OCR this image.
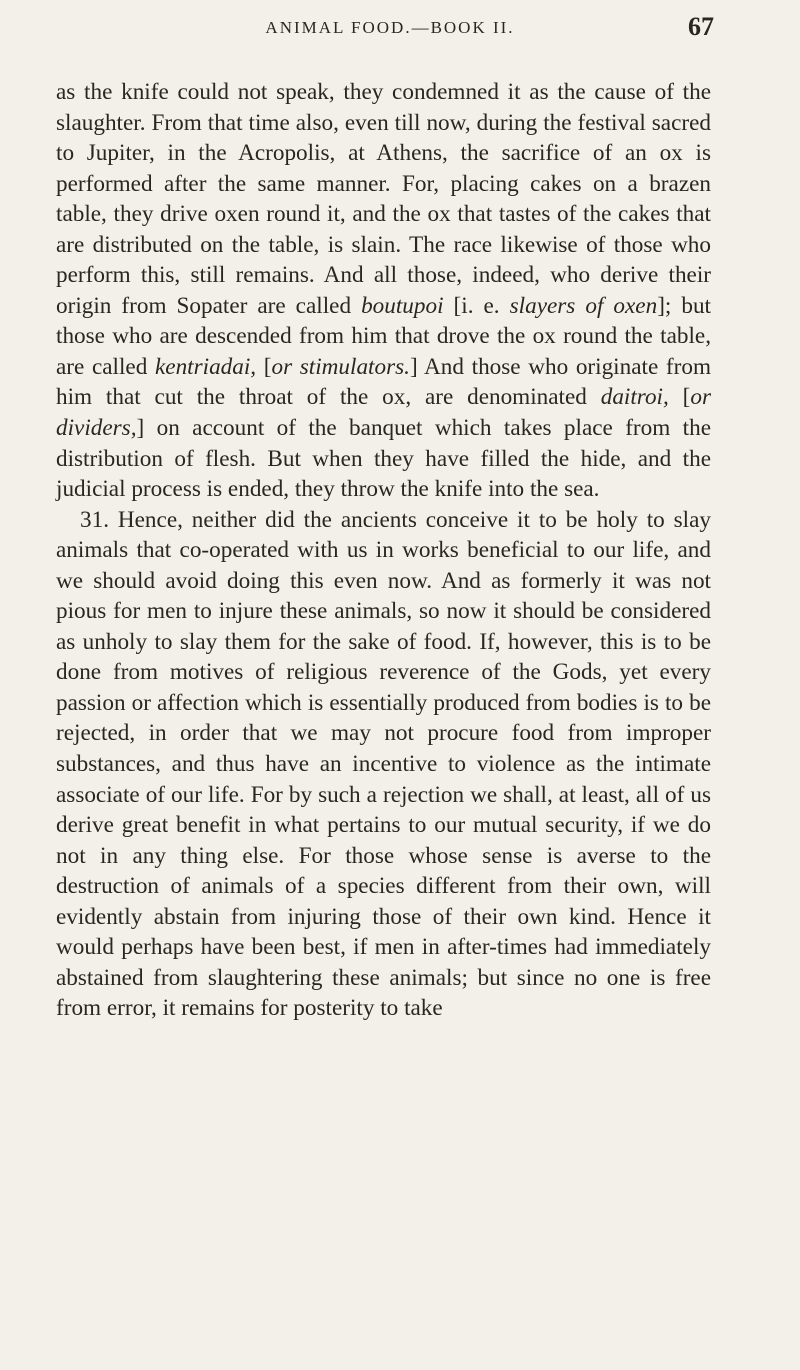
ANIMAL FOOD.—BOOK II.	67

as the knife could not speak, they condemned it as the cause of the slaughter. From that time also, even till now, during the festival sacred to Jupiter, in the Acropolis, at Athens, the sacrifice of an ox is performed after the same manner. For, placing cakes on a brazen table, they drive oxen round it, and the ox that tastes of the cakes that are distributed on the table, is slain. The race likewise of those who perform this, still remains. And all those, indeed, who derive their origin from Sopater are called boutupoi [i. e. slayers of oxen]; but those who are descended from him that drove the ox round the table, are called kentriadai, [or stimulators.] And those who originate from him that cut the throat of the ox, are denominated daitroi, [or dividers,] on account of the banquet which takes place from the distribution of flesh. But when they have filled the hide, and the judicial process is ended, they throw the knife into the sea.

31. Hence, neither did the ancients conceive it to be holy to slay animals that co-operated with us in works beneficial to our life, and we should avoid doing this even now. And as formerly it was not pious for men to injure these animals, so now it should be considered as unholy to slay them for the sake of food. If, however, this is to be done from motives of religious reverence of the Gods, yet every passion or affection which is essentially produced from bodies is to be rejected, in order that we may not procure food from improper substances, and thus have an incentive to violence as the intimate associate of our life. For by such a rejection we shall, at least, all of us derive great benefit in what pertains to our mutual security, if we do not in any thing else. For those whose sense is averse to the destruction of animals of a species different from their own, will evidently abstain from injuring those of their own kind. Hence it would perhaps have been best, if men in after-times had immediately abstained from slaughtering these animals; but since no one is free from error, it remains for posterity to take
